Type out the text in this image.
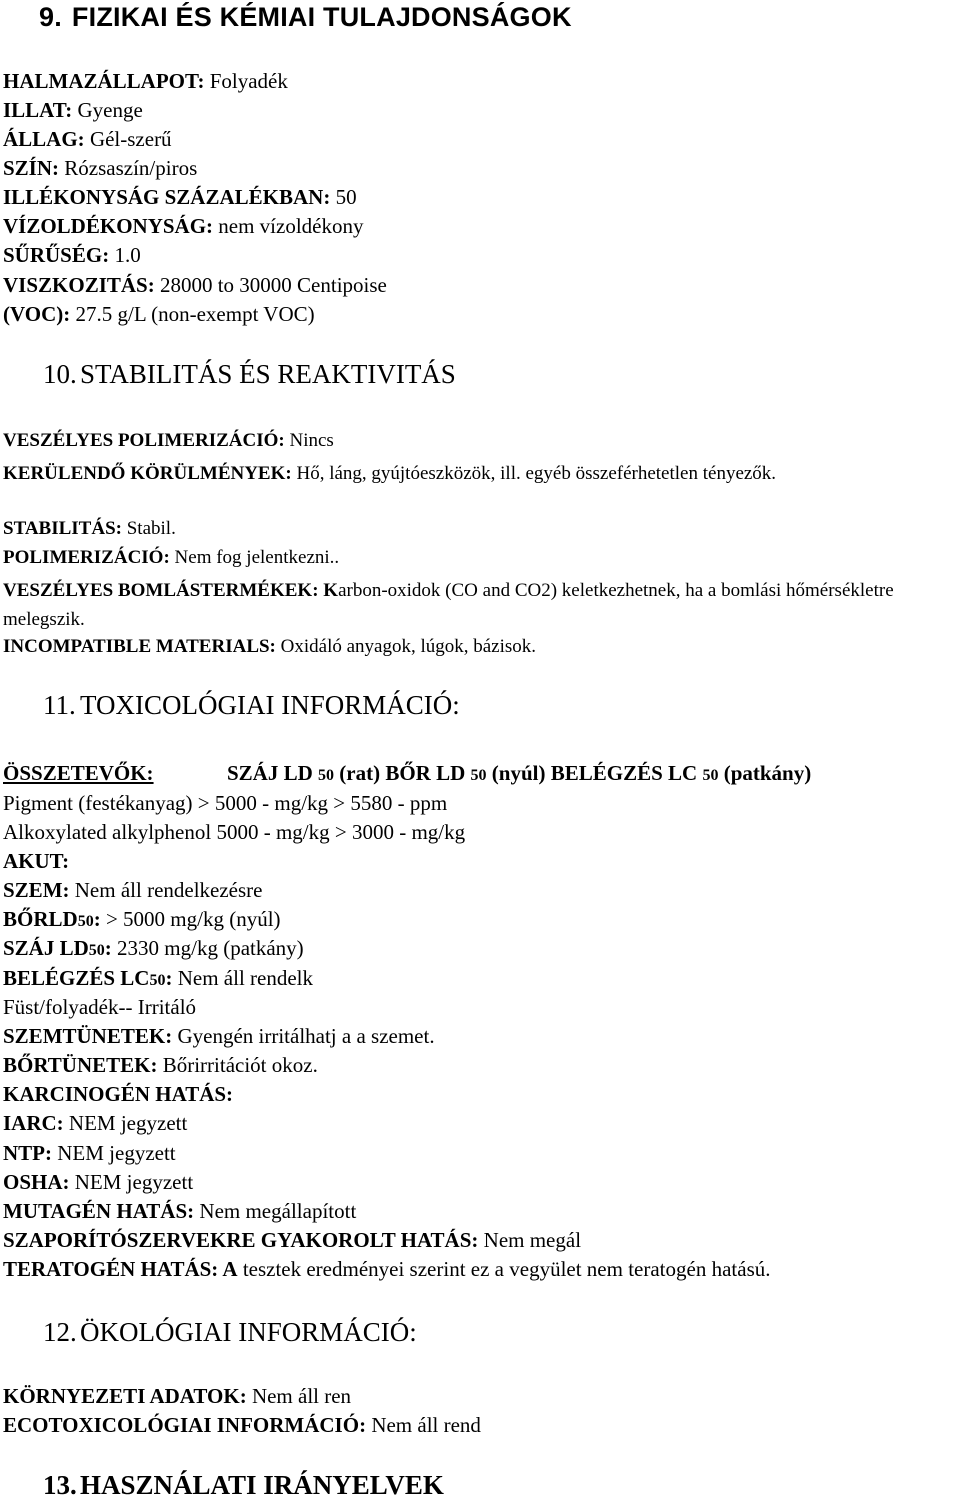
9. FIZIKAI ÉS KÉMIAI TULAJDONSÁGOK
HALMAZÁLLAPOT: Folyadék
ILLAT: Gyenge
ÁLLAG: Gél-szerű
SZÍN: Rózsaszín/piros
ILLÉKONYSÁG SZÁZALÉKBAN: 50
VÍZOLDÉKONYSÁG: nem vízoldékony
SŰRŰSÉG: 1.0
VISZKOZITÁS: 28000 to 30000 Centipoise
(VOC): 27.5 g/L (non-exempt VOC)
10. STABILITÁS ÉS REAKTIVITÁS
VESZÉLYES POLIMERIZÁCIÓ: Nincs
KERÜLENDŐ KÖRÜLMÉNYEK: Hő, láng, gyújtóeszközök, ill. egyéb összeférhetetlen tényezők.
STABILITÁS: Stabil.
POLIMERIZÁCIÓ: Nem fog jelentkezni..
VESZÉLYES BOMLÁSTERMÉKEK: Karbon-oxidok (CO and CO2) keletkezhetnek, ha a bomlási hőmérsékletre melegszik.
INCOMPATIBLE MATERIALS: Oxidáló anyagok, lúgok, bázisok.
11. TOXICOLÓGIAI INFORMÁCIÓ:
ÖSSZETEVŐK:	SZÁJ LD 50 (rat) BŐR LD 50 (nyúl) BELÉGZÉS LC 50 (patkány)
Pigment (festékanyag) > 5000 - mg/kg > 5580 - ppm
Alkoxylated alkylphenol 5000 - mg/kg > 3000 - mg/kg
AKUT:
SZEM: Nem áll rendelkezésre
BŐRLD50: > 5000 mg/kg (nyúl)
SZÁJ LD50: 2330 mg/kg (patkány)
BELÉGZÉS LC50: Nem áll rendelk
Füst/folyadék-- Irritáló
SZEMTÜNETEK: Gyengén irritálhatj a a szemet.
BŐRTÜNETEK: Bőrirritációt okoz.
KARCINOGÉN HATÁS:
IARC: NEM jegyzett
NTP: NEM jegyzett
OSHA: NEM jegyzett
MUTAGÉN HATÁS: Nem megállapított
SZAPORÍTÓSZERVEKRE GYAKOROLT HATÁS: Nem megál
TERATOGÉN HATÁS: A tesztek eredményei szerint ez a vegyület nem teratogén hatású.
12. ÖKOLÓGIAI INFORMÁCIÓ:
KÖRNYEZETI ADATOK: Nem áll ren
ECOTOXICOLÓGIAI INFORMÁCIÓ: Nem áll rend
13. HASZNÁLATI IRÁNYELVEK
